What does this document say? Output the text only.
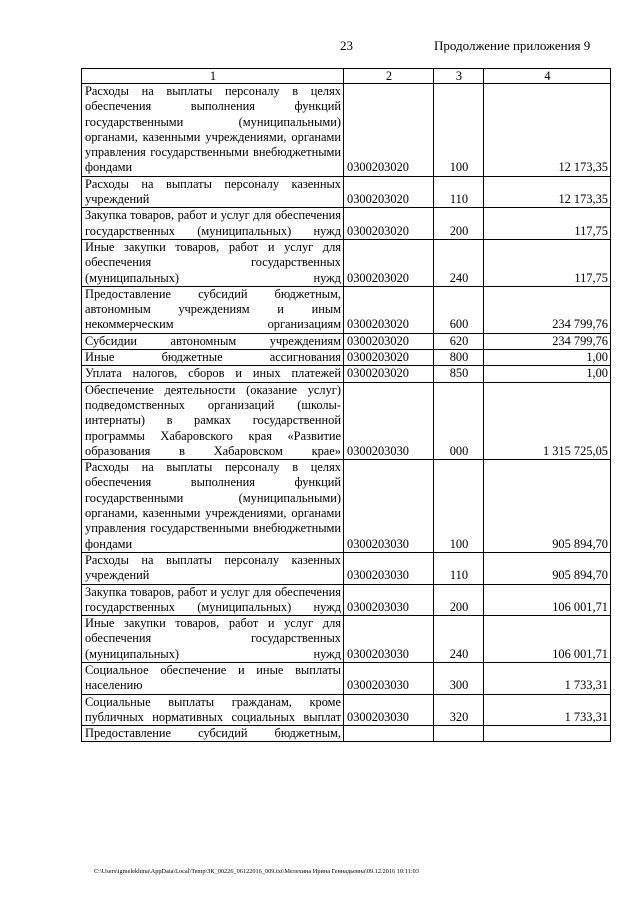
23	Продолжение приложения 9
1	2	3	4
Расходы на выплаты персоналу в целях обеспечения выполнения функций государственными (муниципальными) органами, казенными учреждениями, органами управления государственными внебюджетными фондами	0300203020	100	12 173,35
Расходы на выплаты персоналу казенных учреждений	0300203020	110	12 173,35
Закупка товаров, работ и услуг для обеспечения государственных (муниципальных) нужд	0300203020	200	117,75
Иные закупки товаров, работ и услуг для обеспечения государственных (муниципальных) нужд	0300203020	240	117,75
Предоставление субсидий бюджетным, автономным учреждениям и иным некоммерческим организациям	0300203020	600	234 799,76
Субсидии автономным учреждениям	0300203020	620	234 799,76
Иные бюджетные ассигнования	0300203020	800	1,00
Уплата налогов, сборов и иных платежей	0300203020	850	1,00
Обеспечение деятельности (оказание услуг) подведомственных организаций (школы-интернаты) в рамках государственной программы Хабаровского края «Развитие образования в Хабаровском крае»	0300203030	000	1 315 725,05
Расходы на выплаты персоналу в целях обеспечения выполнения функций государственными (муниципальными) органами, казенными учреждениями, органами управления государственными внебюджетными фондами	0300203030	100	905 894,70
Расходы на выплаты персоналу казенных учреждений	0300203030	110	905 894,70
Закупка товаров, работ и услуг для обеспечения государственных (муниципальных) нужд	0300203030	200	106 001,71
Иные закупки товаров, работ и услуг для обеспечения государственных (муниципальных) нужд	0300203030	240	106 001,71
Социальное обеспечение и иные выплаты населению	0300203030	300	1 733,31
Социальные выплаты гражданам, кроме публичных нормативных социальных выплат	0300203030	320	1 733,31
Предоставление субсидий бюджетным,			
C:\Users\igmelekhina\AppData\Local\Temp\ЗК_00226_06122016_009.txt\Мелехина Ирина Геннадьевна\09.12.2016 10:11:03
